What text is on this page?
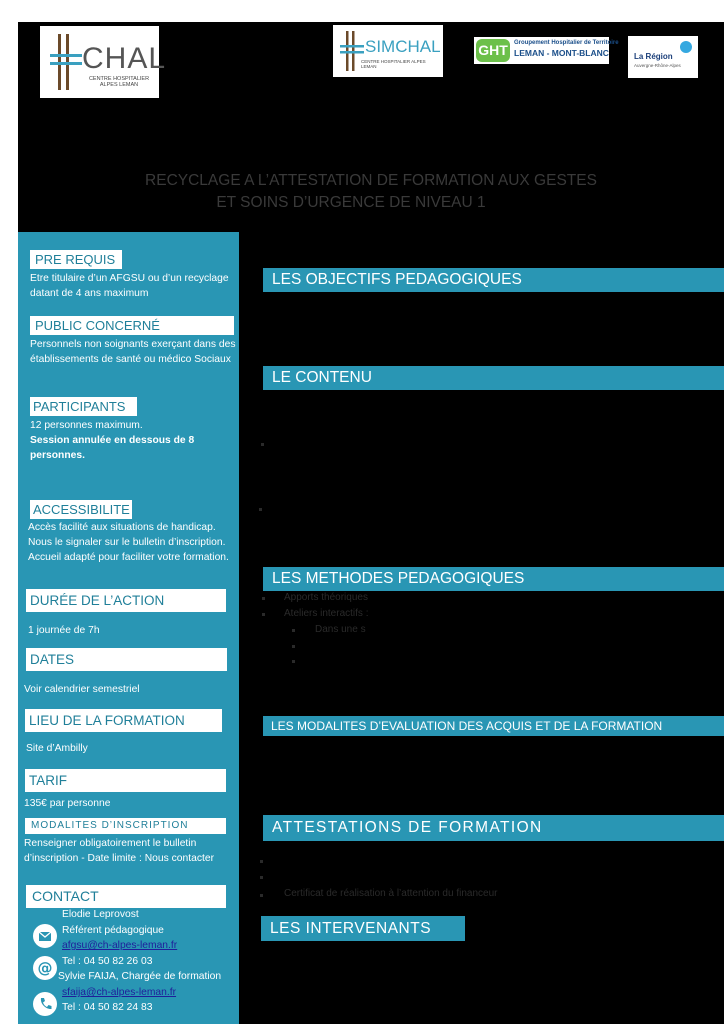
CHAL
CENTRE HOSPITALIER ALPES LEMAN
SIMCHAL
CENTRE HOSPITALIER ALPES LEMAN
GHT	Groupement Hospitalier de Territoire
LEMAN - MONT-BLANC	La Région
Auvergne-Rhône-Alpes
RECYCLAGE A L’ATTESTATION DE FORMATION AUX GESTES
ET SOINS D’URGENCE DE NIVEAU 1
PRE REQUIS
Etre titulaire d’un AFGSU ou d’un recyclage datant de 4 ans maximum
PUBLIC CONCERNÉ
Personnels non soignants exerçant dans des établissements de santé ou médico Sociaux
PARTICIPANTS
12 personnes maximum.
Session annulée en dessous de 8 personnes.
ACCESSIBILITE
Accès facilité aux situations de handicap. Nous le signaler sur le bulletin d’inscription. Accueil adapté pour faciliter votre formation.
DURÉE DE L’ACTION
1 journée de 7h
DATES
Voir calendrier semestriel
LIEU DE LA FORMATION
Site d’Ambilly
TARIF
135€ par personne
MODALITES D’INSCRIPTION
Renseigner obligatoirement le bulletin d’inscription - Date limite : Nous contacter
CONTACT
Elodie Leprovost
Référent pédagogique
afgsu@ch-alpes-leman.fr
Tel : 04 50 82 26 03
Sylvie FAIJA, Chargée de formation
sfaija@ch-alpes-leman.fr
Tel : 04 50 82 24 83
@
LES OBJECTIFS PEDAGOGIQUES
LE CONTENU
LES METHODES PEDAGOGIQUES
Apports théoriques
Ateliers interactifs :
Dans une s
LES MODALITES D’EVALUATION DES ACQUIS ET DE LA FORMATION
ATTESTATIONS DE FORMATION
Certificat de réalisation à l’attention du financeur
LES INTERVENANTS
